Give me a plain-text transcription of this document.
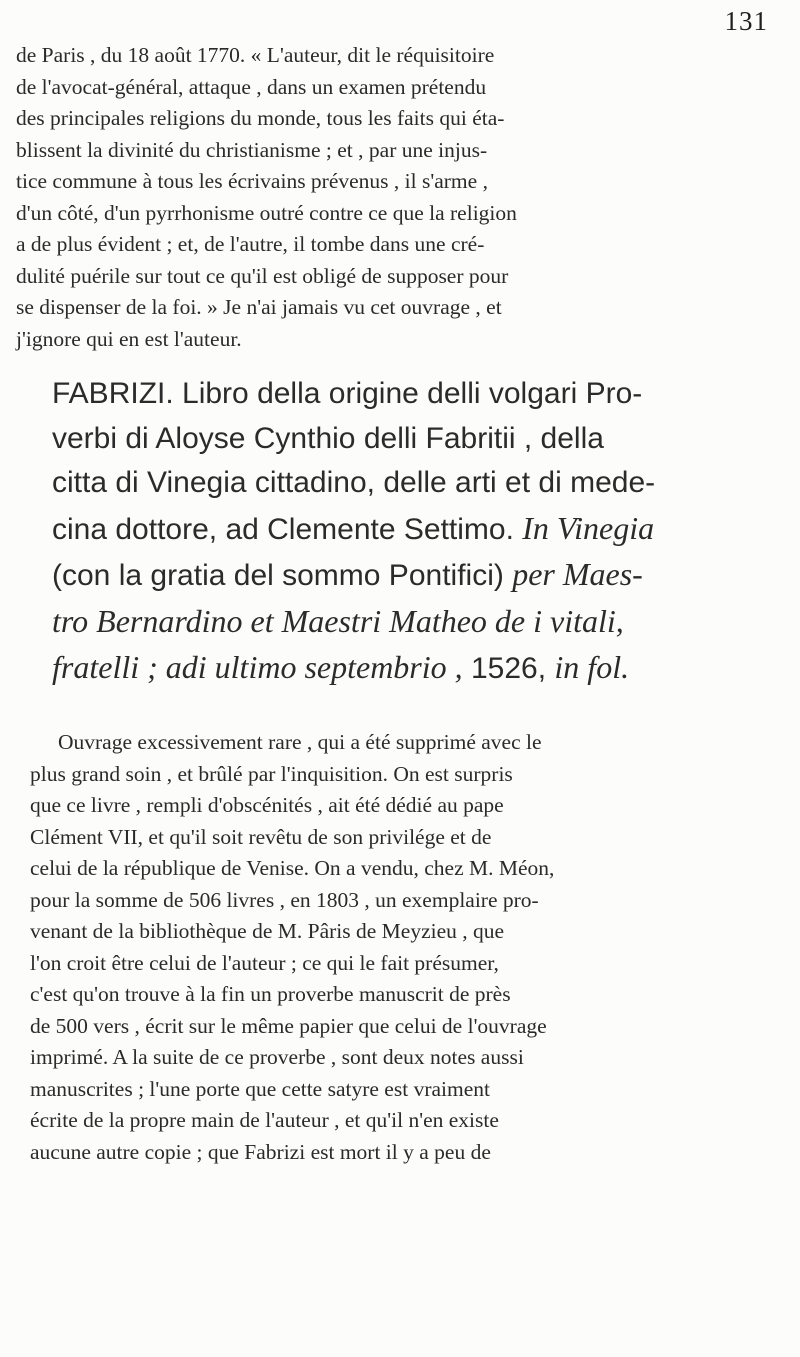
131

de Paris , du 18 août 1770. « L'auteur, dit le réquisitoire
de l'avocat-général, attaque , dans un examen prétendu
des principales religions du monde, tous les faits qui éta-
blissent la divinité du christianisme ; et , par une injus-
tice commune à tous les écrivains prévenus , il s'arme ,
d'un côté, d'un pyrrhonisme outré contre ce que la religion
a de plus évident ; et, de l'autre, il tombe dans une cré-
dulité puérile sur tout ce qu'il est obligé de supposer pour
se dispenser de la foi. » Je n'ai jamais vu cet ouvrage , et
j'ignore qui en est l'auteur.

FABRIZI. Libro della origine delli volgari Pro-
verbi di Aloyse Cynthio delli Fabritii , della
citta di Vinegia cittadino, delle arti et di mede-
cina dottore, ad Clemente Settimo. In Vinegia
(con la gratia del sommo Pontifici) per Maes-
tro Bernardino et Maestri Matheo de i vitali,
fratelli ; adi ultimo septembrio , 1526, in fol.

Ouvrage excessivement rare , qui a été supprimé avec le
plus grand soin , et brûlé par l'inquisition. On est surpris
que ce livre , rempli d'obscénités , ait été dédié au pape
Clément VII, et qu'il soit revêtu de son privilége et de
celui de la république de Venise. On a vendu, chez M. Méon,
pour la somme de 506 livres , en 1803 , un exemplaire pro-
venant de la bibliothèque de M. Pâris de Meyzieu , que
l'on croit être celui de l'auteur ; ce qui le fait présumer,
c'est qu'on trouve à la fin un proverbe manuscrit de près
de 500 vers , écrit sur le même papier que celui de l'ouvrage
imprimé. A la suite de ce proverbe , sont deux notes aussi
manuscrites ; l'une porte que cette satyre est vraiment
écrite de la propre main de l'auteur , et qu'il n'en existe
aucune autre copie ; que Fabrizi est mort il y a peu de
